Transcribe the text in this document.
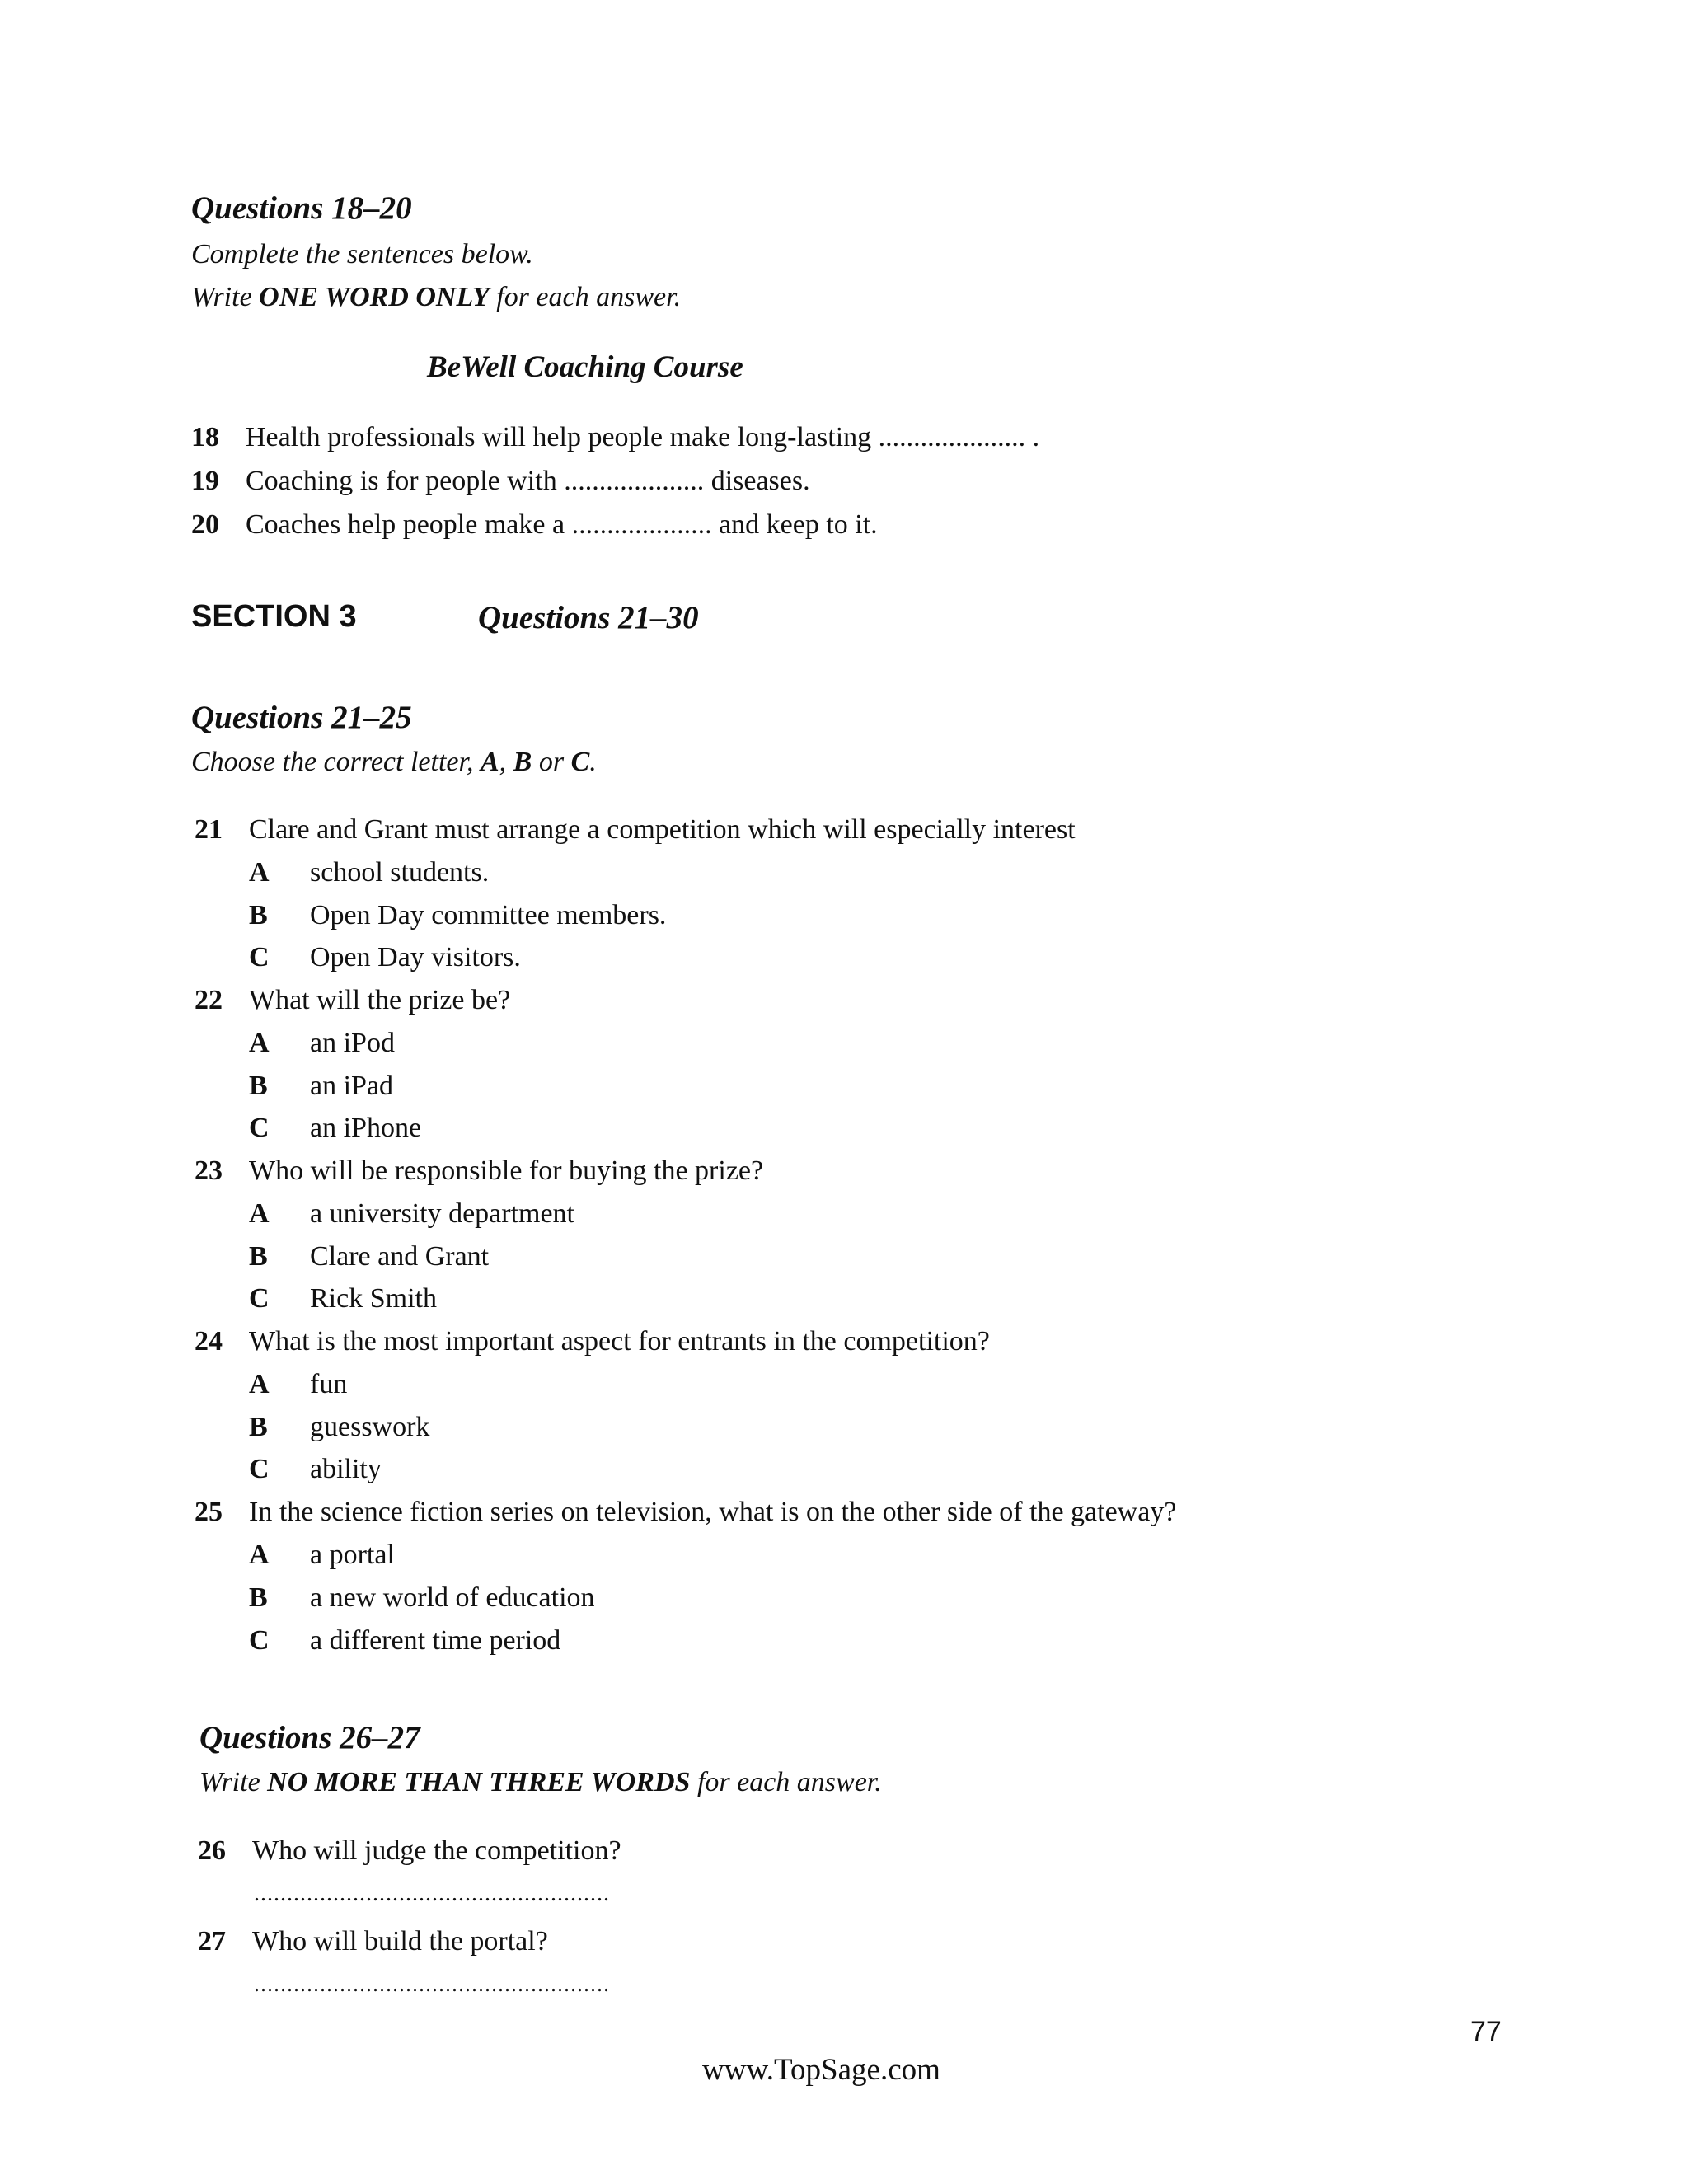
Questions 18–20
Complete the sentences below.
Write ONE WORD ONLY for each answer.
BeWell Coaching Course
18 Health professionals will help people make long-lasting ..................... .
19 Coaching is for people with .................... diseases.
20 Coaches help people make a .................... and keep to it.
SECTION 3	Questions 21–30
Questions 21–25
Choose the correct letter, A, B or C.
21 Clare and Grant must arrange a competition which will especially interest
A school students.
B Open Day committee members.
C Open Day visitors.
22 What will the prize be?
A an iPod
B an iPad
C an iPhone
23 Who will be responsible for buying the prize?
A a university department
B Clare and Grant
C Rick Smith
24 What is the most important aspect for entrants in the competition?
A fun
B guesswork
C ability
25 In the science fiction series on television, what is on the other side of the gateway?
A a portal
B a new world of education
C a different time period
Questions 26–27
Write NO MORE THAN THREE WORDS for each answer.
26 Who will judge the competition?
......................................................
27 Who will build the portal?
......................................................
77
www.TopSage.com
